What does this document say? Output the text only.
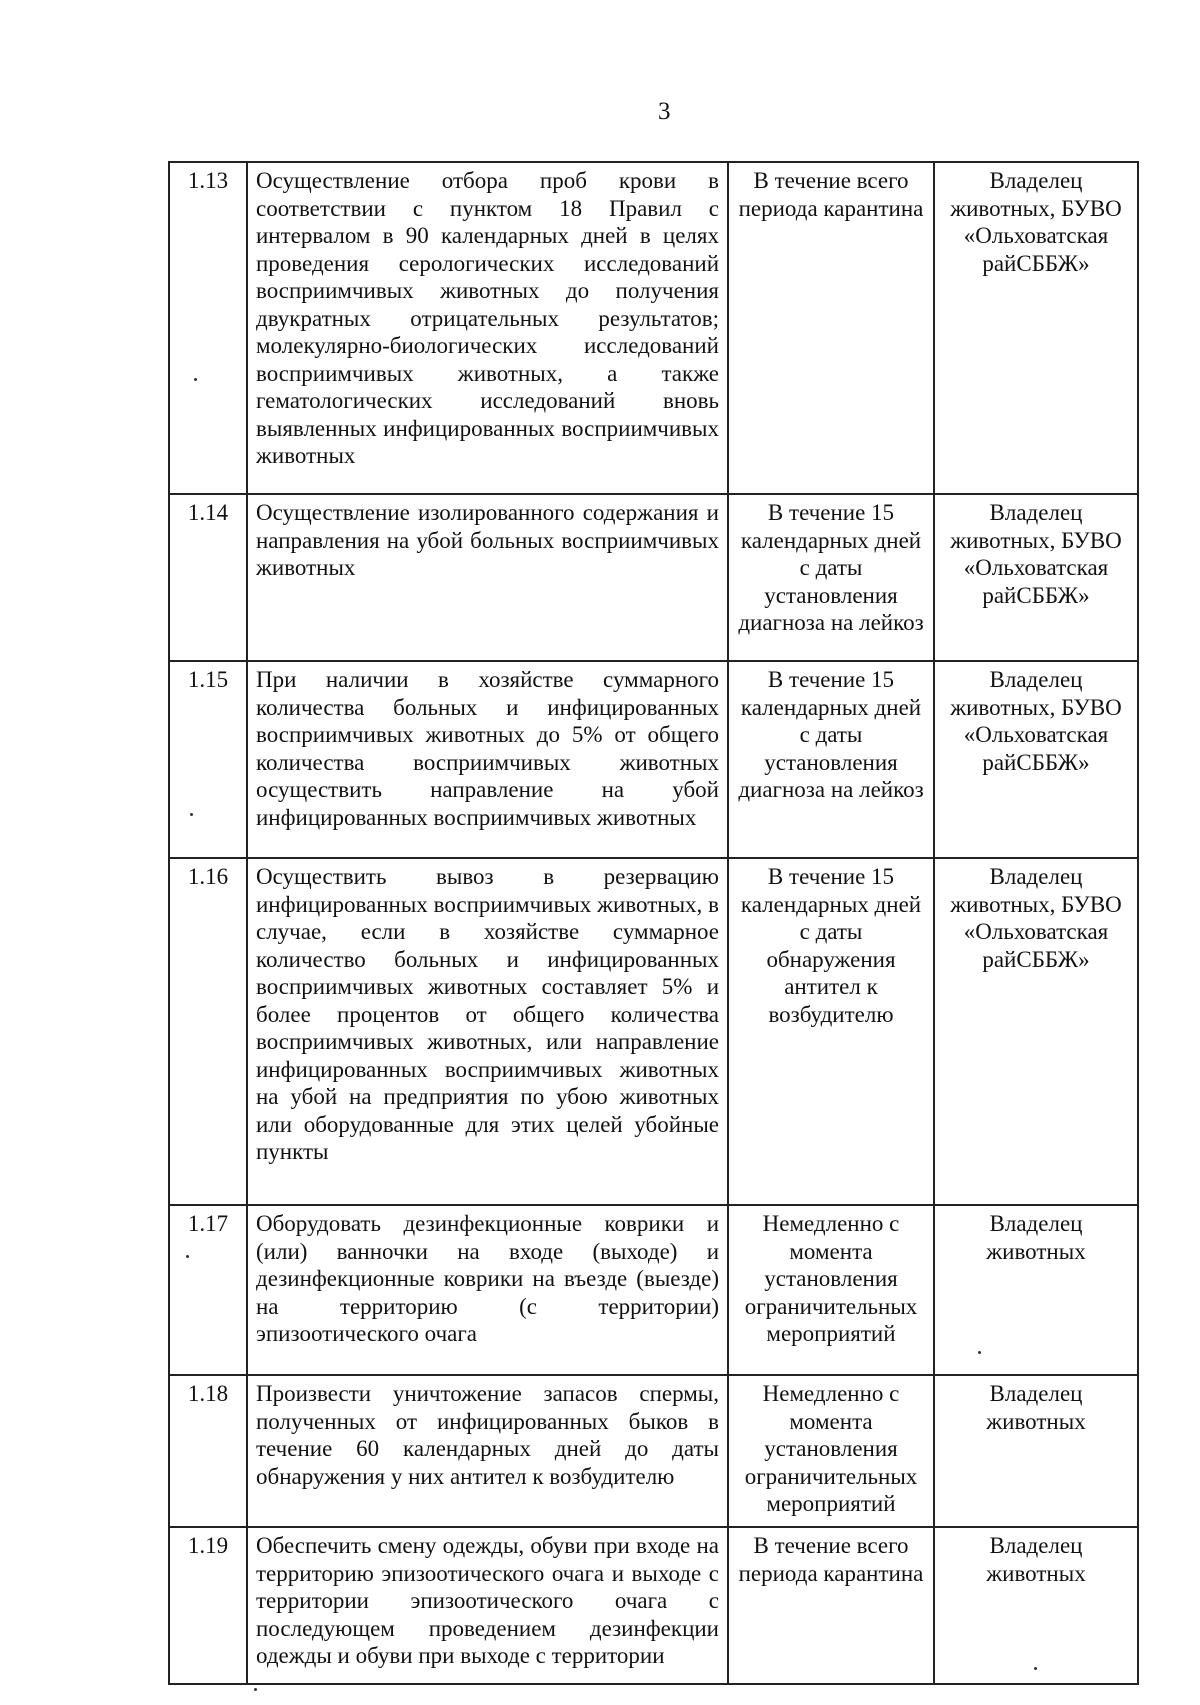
3
1.13	Осуществление отбора проб крови в соответствии с пунктом 18 Правил с интервалом в 90 календарных дней в целях проведения серологических исследований восприимчивых животных до получения двукратных отрицательных результатов; молекулярно-биологических исследований восприимчивых животных, а также гематологических исследований вновь выявленных инфицированных восприимчивых животных	В течение всего периода карантина	Владелец животных, БУВО «Ольховатская райСББЖ»
1.14	Осуществление изолированного содержания и направления на убой больных восприимчивых животных	В течение 15 календарных дней с даты установления диагноза на лейкоз	Владелец животных, БУВО «Ольховатская райСББЖ»
1.15	При наличии в хозяйстве суммарного количества больных и инфицированных восприимчивых животных до 5% от общего количества восприимчивых животных осуществить направление на убой инфицированных восприимчивых животных	В течение 15 календарных дней с даты установления диагноза на лейкоз	Владелец животных, БУВО «Ольховатская райСББЖ»
1.16	Осуществить вывоз в резервацию инфицированных восприимчивых животных, в случае, если в хозяйстве суммарное количество больных и инфицированных восприимчивых животных составляет 5% и более процентов от общего количества восприимчивых животных, или направление инфицированных восприимчивых животных на убой на предприятия по убою животных или оборудованные для этих целей убойные пункты	В течение 15 календарных дней с даты обнаружения антител к возбудителю	Владелец животных, БУВО «Ольховатская райСББЖ»
1.17	Оборудовать дезинфекционные коврики и (или) ванночки на входе (выходе) и дезинфекционные коврики на въезде (выезде) на территорию (с территории) эпизоотического очага	Немедленно с момента установления ограничительных мероприятий	Владелец животных
1.18	Произвести уничтожение запасов спермы, полученных от инфицированных быков в течение 60 календарных дней до даты обнаружения у них антител к возбудителю	Немедленно с момента установления ограничительных мероприятий	Владелец животных
1.19	Обеспечить смену одежды, обуви при входе на территорию эпизоотического очага и выходе с территории эпизоотического очага с последующем проведением дезинфекции одежды и обуви при выходе с территории	В течение всего периода карантина	Владелец животных
